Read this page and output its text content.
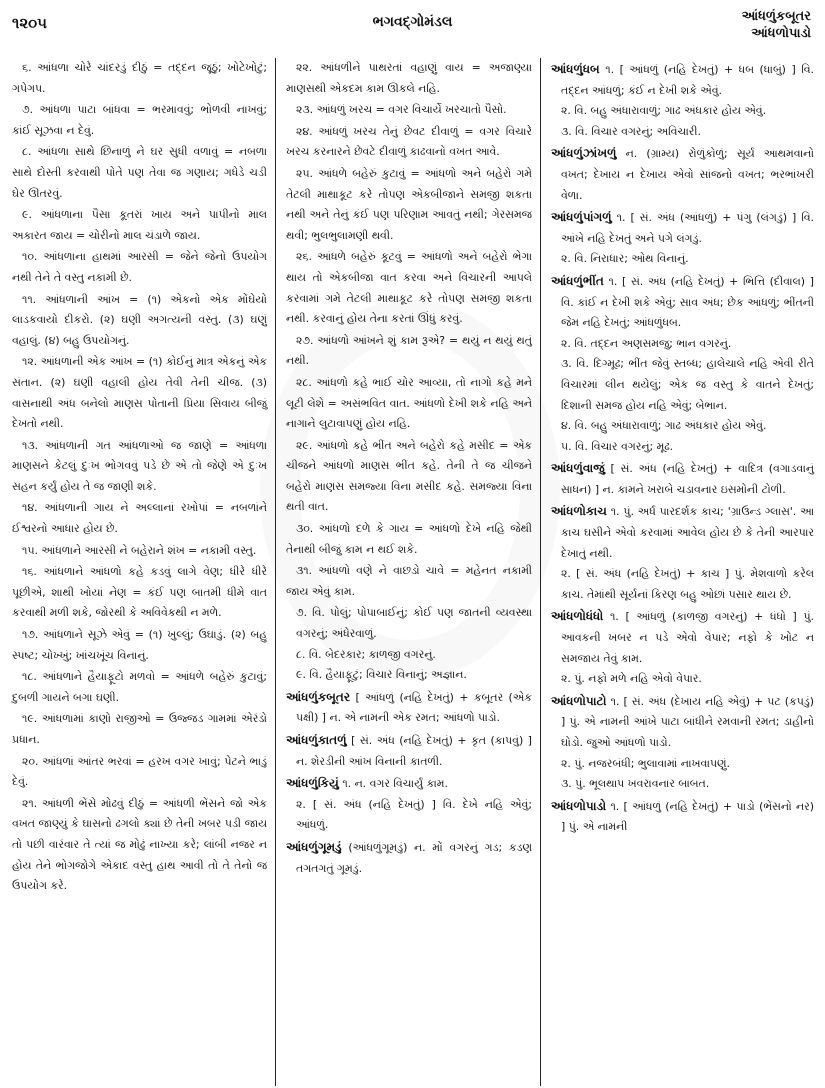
૧૨૦૫	ભગવદ્ગોમંડલ	આંધળુંકબૂતર
આંધળોપાડો

૬. આંધળા ચોરે ચાંદરડું દીઠું = તદ્દન જૂઠું; ખોટેખોટું; ગપેગપ.

૭. આંધળા પાટા બાંધવા = ભરમાવવું; ભોળવી નાખવું; કાંઈ સૂઝવા ન દેવું.

૮. આંધળા સાથે છિનાળું ને ઘર સુધી વળાવું = નબળા સાથે દોસ્તી કરવાથી પોતે પણ તેવા જ ગણાય; ગધેડે ચડી ઘેર ઊતરવું.

૯. આંધળાના પૈસા કૂતરાં ખાય અને પાપીનો માલ અકારત જાય = ચોરીનો માલ ચંડાળે જાય.

૧૦. આંધળાના હાથમાં આરસી = જેને જેનો ઉપયોગ નથી તેને તે વસ્તુ નકામી છે.

૧૧. આંધળાની આંખ = (૧) એકનો એક મોંઘેયો લાડકવાયો દીકરો. (૨) ઘણી અગત્યની વસ્તુ. (૩) ઘણું વહાલું. (૪) બહુ ઉપયોગનું.

૧૨. આંધળાની એક આંખ = (૧) કોઈનું માત્ર એકનું એક સંતાન. (૨) ઘણી વહાલી હોય તેવી તેની ચીજ. (૩) વાસનાથી અંધ બનેલો માણસ પોતાની પ્રિયા સિવાય બીજું દેખતો નથી.

૧૩. આંધળાની ગત આંધળાઓ જ જાણે = આંધળા માણસને કેટલું દુઃખ ભોગવવું પડે છે એ તો જેણે એ દુઃખ સહન કર્યું હોય તે જ જાણી શકે.

૧૪. આંધળાની ગાય ને અલ્લાનાં રખોપાં = નબળાંને ઈશ્વરનો આધાર હોય છે.

૧૫. આંધળાને આરસી ને બહેરાને શંખ = નકામી વસ્તુ.

૧૬. આંધળાને આંધળો કહે કડવું લાગે વેણ; ધીરે ધીરે પૂછીએ, શાથી ખોયાં નેણ = કંઈ પણ બાતમી ધીમે વાત કરવાથી મળી શકે, જોરથી કે અવિવેકથી ન મળે.

૧૭. આંધળાને સૂઝે એવું = (૧) ખુલ્લું; ઉઘાડું. (૨) બહુ સ્પષ્ટ; ચોખ્ખું; ખાંચખૂંચ વિનાનું.

૧૮. આંધળાને હૈયાફૂટો મળવો = આંધળે બહેરું કુટાવું; દુબળી ગાયને બગા ઘણી.

૧૯. આંધળામાં કાણો રાજીઓ = ઉજ્જડ ગામમાં એરંડો પ્રધાન.

૨૦. આંધળાં આંતર ભરવાં = હરખ વગર ખાવું; પેટને ભાડું દેવું.

૨૧. આંધળી ભેંસે મોઢવું દીઠું = આંધળી ભેંસને જો એક વખત જાણ્યું કે ઘાસનો ઢગલો ક્યાં છે તેની ખબર પડી જાય તો પછી વારંવાર તે ત્યાં જ મોઢું નાખ્યા કરે; લાંબી નજર ન હોય તેને ભોગજોગે એકાદ વસ્તુ હાથ આવી તો તે તેનો જ ઉપયોગ કરે.

૨૨. આંધળીને પાથરતાં વહાણું વાય = અજાણ્યા માણસથી એકદમ કામ ઊકલે નહિ.

૨૩. આંધળું ખરચ = વગર વિચાર્યે ખરચાતો પૈસો.

૨૪. આંધળું ખરચ તેનું છેવટ દીવાળું = વગર વિચારે ખરચ કરનારને છેવટે દીવાળું કાઢવાનો વખત આવે.

૨૫. આંધળે બહેરું કુટાવું = આંધળો અને બહેરો ગમે તેટલી માથાકૂટ કરે તોપણ એકબીજાને સમજી શકતા નથી અને તેનું કંઈ પણ પરિણામ આવતું નથી; ગેરસમજ થવી; ભુલભુલામણી થવી.

૨૬. આંધળે બહેરું કૂટવું = આંધળો અને બહેરો ભેગા થાય તો એકબીજા વાત કરવા અને વિચારની આપલે કરવામાં ગમે તેટલી માથાકૂટ કરે તોપણ સમજી શકતા નથી. કરવાનું હોય તેના કરતાં ઊંધું કરવું.

૨૭. આંધળો આંખને શું કામ રૂએ? = થયું ન થયું થતું નથી.

૨૮. આંધળો કહે ભાઈ ચોર આવ્યા, તો નાગો કહે મને લૂટી લેશે = અસંભવિત વાત. આંધળો દેખી શકે નહિ અને નાગાને લુટાવાપણું હોય નહિ.

૨૯. આંધળો કહે ભીંત અને બહેરો કહે મસીદ = એક ચીજને આંધળો માણસ ભીંત કહે. તેની તે જ ચીજને બહેરો માણસ સમજ્યા વિના મસીદ કહે. સમજ્યા વિના થતી વાત.

૩૦. આંધળો દળે કે ગાય = આંધળો દેખે નહિ જેથી તેનાથી બીજું કામ ન થઈ શકે.

૩૧. આંધળો વણે ને વાછડો ચાવે = મહેનત નકામી જાય એવું કામ.

૭. વિ. પોલું; પોપાબાઈનું; કોઈ પણ જાતની વ્યવસ્થા વગરનું; અંધેરવાળું.

૮. વિ. બેદરકાર; કાળજી વગરનું.

૯. વિ. હૈયાફૂટું; વિચાર વિનાનું; અજ્ઞાન.

આંધળુંકબૂતર [ આંધળું (નહિ દેખતું) + કબૂતર (એક પક્ષી) ] ન. એ નામની એક રમત; આંધળો પાડો.
આંધળુંકાતળું [ સં. અંધ (નહિ દેખતું) + કૃત (કાપવું) ] ન. શેરડીની આંખ વિનાની કાતળી.
આંધળુંકિયું ૧. ન. વગર વિચાર્યું કામ.

૨. [ સં. અંધ (નહિ દેખતું) ] વિ. દેખે નહિ એવું; આંધળું.

આંધળુંગૂમડું (આંધળુંગૂમડું) ન. મોં વગરનું ગડ; કડણ તગતગતું ગૂમડું.
આંધળુંધબ ૧. [ આંધળું (નહિ દેખતું) + ધબ (ધાબું) ] વિ. તદ્દન આંધળું; કંઈ ન દેખી શકે એવું.

૨. વિ. બહુ અંધારાવાળું; ગાઢ અંધકાર હોય એવું.

૩. વિ. વિચાર વગરનું; અવિચારી.

આંધળુંઝાંખળું ન. (ગ્રામ્ય) રોળુંકોળું; સૂર્ય આથમવાનો વખત; દેખાય ન દેખાય એવો સાંજનો વખત; ભરભાંખરી વેળા.
આંધળુંપાંગળું ૧. [ સં. અંધ (આંધળું) + પંગુ (લંગડું) ] વિ. આંખે નહિ દેખતું અને પગે લંગડું.

૨. વિ. નિરાધાર; ઓથ વિનાનું.

આંધળુંભીંત ૧. [ સં. અંધ (નહિ દેખતું) + ભિત્તિ (દીવાલ) ] વિ. કાંઈ ન દેખી શકે એવું; સાવ અંધ; છેક આંધળું; ભીંતની જેમ નહિ દેખતું; આંધળુંધબ.

૨. વિ. તદ્દન અણસમજુ; ભાન વગરનું.

૩. વિ. દિગ્મૂઢ; ભીંત જેવું સ્તબ્ધ; હાલેચાલે નહિ એવી રીતે વિચારમાં લીન થયેલું; એક જ વસ્તુ કે વાતને દેખતું; દિશાની સમજ હોય નહિ એવું; બેભાન.

૪. વિ. બહુ અંધારાવાળું; ગાઢ અંધકાર હોય એવું.

૫. વિ. વિચાર વગરનું; મૂઢ.

આંધળુંવાજું [ સં. અંધ (નહિ દેખતું) + વાદિત્ર (વગાડવાનું સાધન) ] ન. કામને ખરાબે ચડાવનાર ઇસમોની ટોળી.
આંધળોકાચ ૧. પું. અર્ધ પારદર્શક કાચ; 'ગ્રાઉન્ડ ગ્લાસ'. આ કાચ ઘસીને એવો કરવામાં આવેલ હોય છે કે તેની આરપાર દેખાતું નથી.

૨. [ સં. અંધ (નહિ દેખતું) + કાચ ] પું. મેશવાળો કરેલ કાચ. તેમાંથી સૂર્યનાં કિરણ બહુ ઓછાં પસાર થાય છે.

આંધળોધંધો ૧. [ આંધળું (કાળજી વગરનું) + ધંધો ] પું. આવકની ખબર ન પડે એવો વેપાર; નફો કે ખોટ ન સમજાય તેવું કામ.

૨. પું. નફો મળે નહિ એવો વેપાર.

આંધળોપાટો ૧. [ સં. અંધ (દેખાય નહિ એવું) + પટ (કપડું) ] પું. એ નામની આંખે પાટા બાંધીને રમવાની રમત; ડાહીનો ઘોડો. જુઓ આંધળો પાડો.

૨. પું. નજરબંધી; ભુલાવામાં નાખવાપણું.

૩. પું. ભૂલથાપ ખવરાવનાર બાબત.

આંધળોપાડો ૧. [ આંધળું (નહિ દેખતું) + પાડો (ભેંસનો નર) ] પું. એ નામની
